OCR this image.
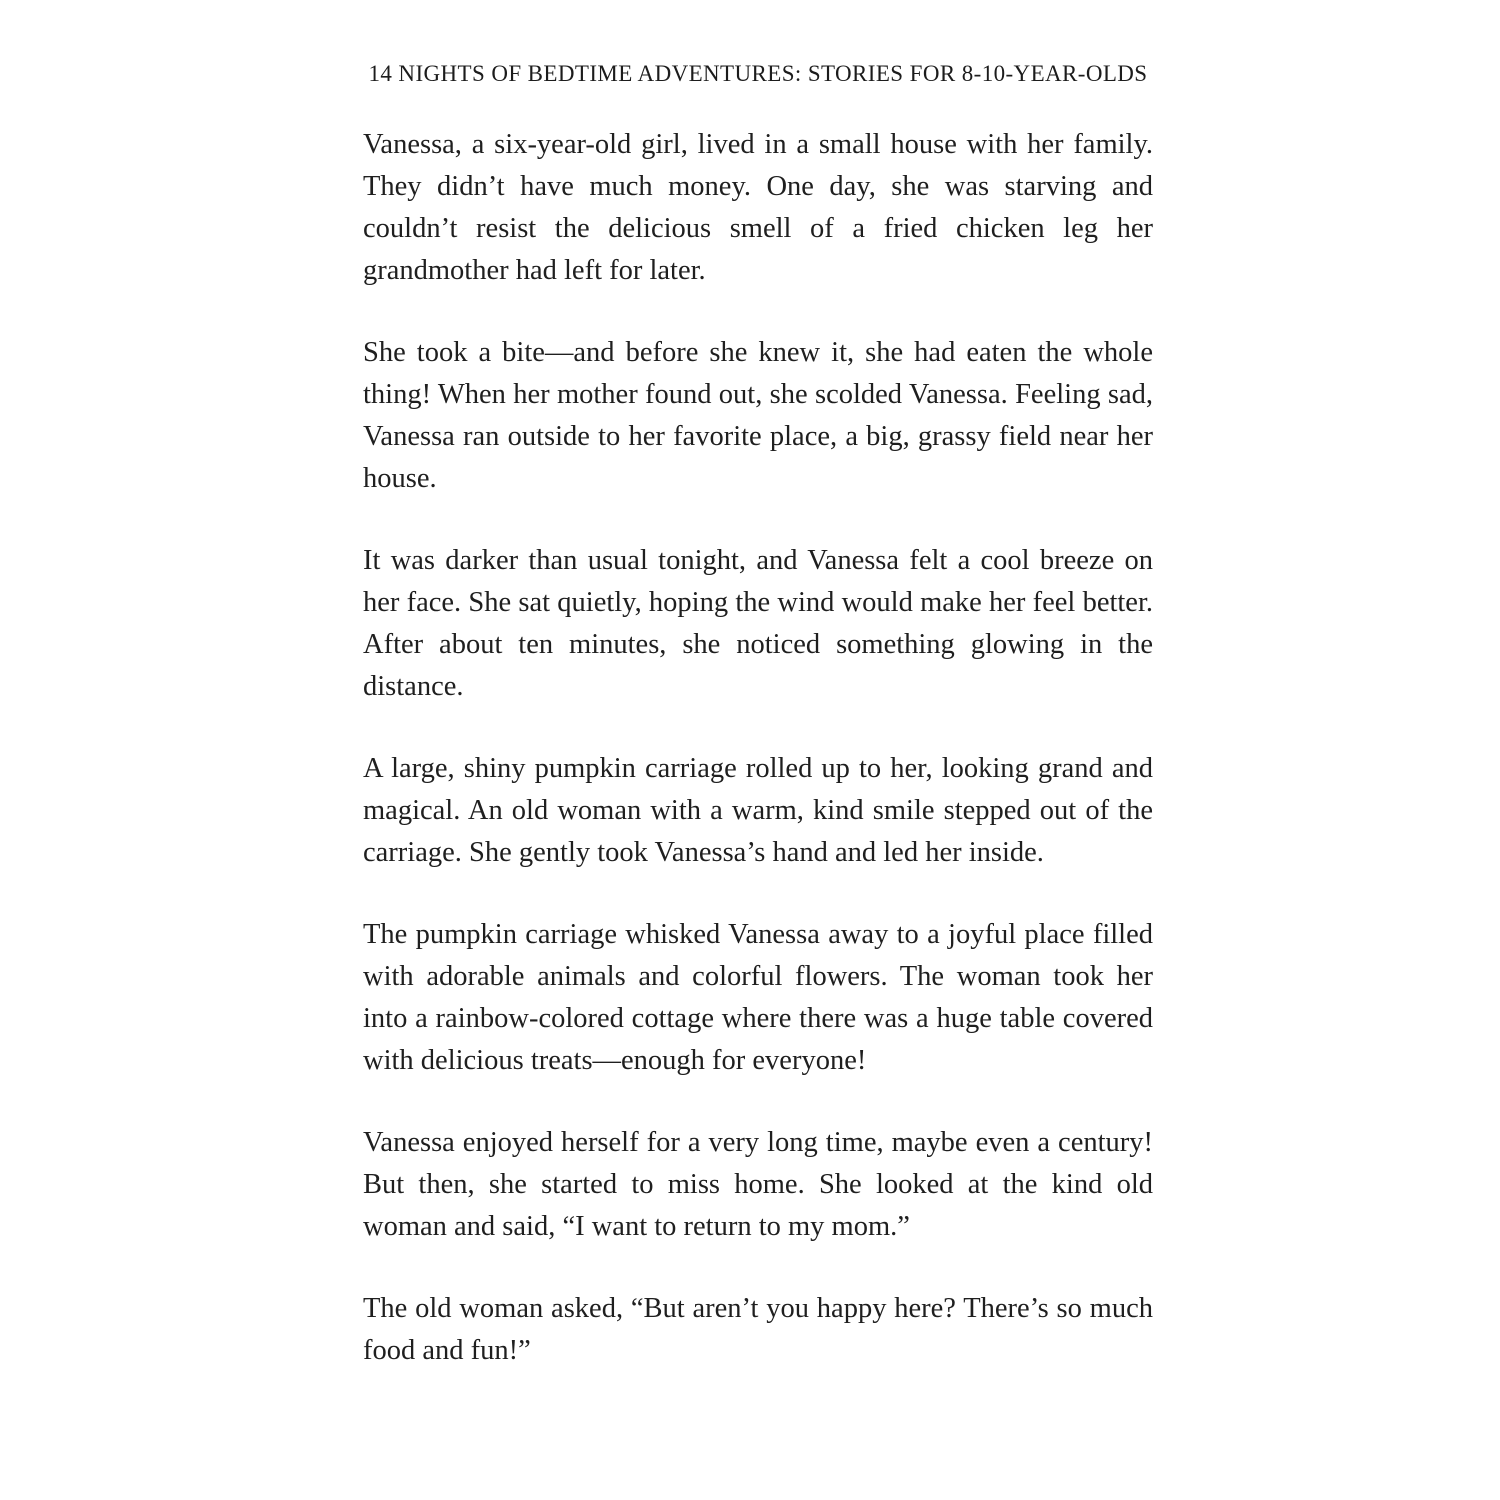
14 NIGHTS OF BEDTIME ADVENTURES: STORIES FOR 8-10-YEAR-OLDS

Vanessa, a six-year-old girl, lived in a small house with her family. They didn’t have much money. One day, she was starving and couldn’t resist the delicious smell of a fried chicken leg her grandmother had left for later.

She took a bite—and before she knew it, she had eaten the whole thing! When her mother found out, she scolded Vanessa. Feeling sad, Vanessa ran outside to her favorite place, a big, grassy field near her house.

It was darker than usual tonight, and Vanessa felt a cool breeze on her face. She sat quietly, hoping the wind would make her feel better. After about ten minutes, she noticed something glowing in the distance.

A large, shiny pumpkin carriage rolled up to her, looking grand and magical. An old woman with a warm, kind smile stepped out of the carriage. She gently took Vanessa’s hand and led her inside.

The pumpkin carriage whisked Vanessa away to a joyful place filled with adorable animals and colorful flowers. The woman took her into a rainbow-colored cottage where there was a huge table covered with delicious treats—enough for everyone!

Vanessa enjoyed herself for a very long time, maybe even a century! But then, she started to miss home. She looked at the kind old woman and said, “I want to return to my mom.”

The old woman asked, “But aren’t you happy here? There’s so much food and fun!”
